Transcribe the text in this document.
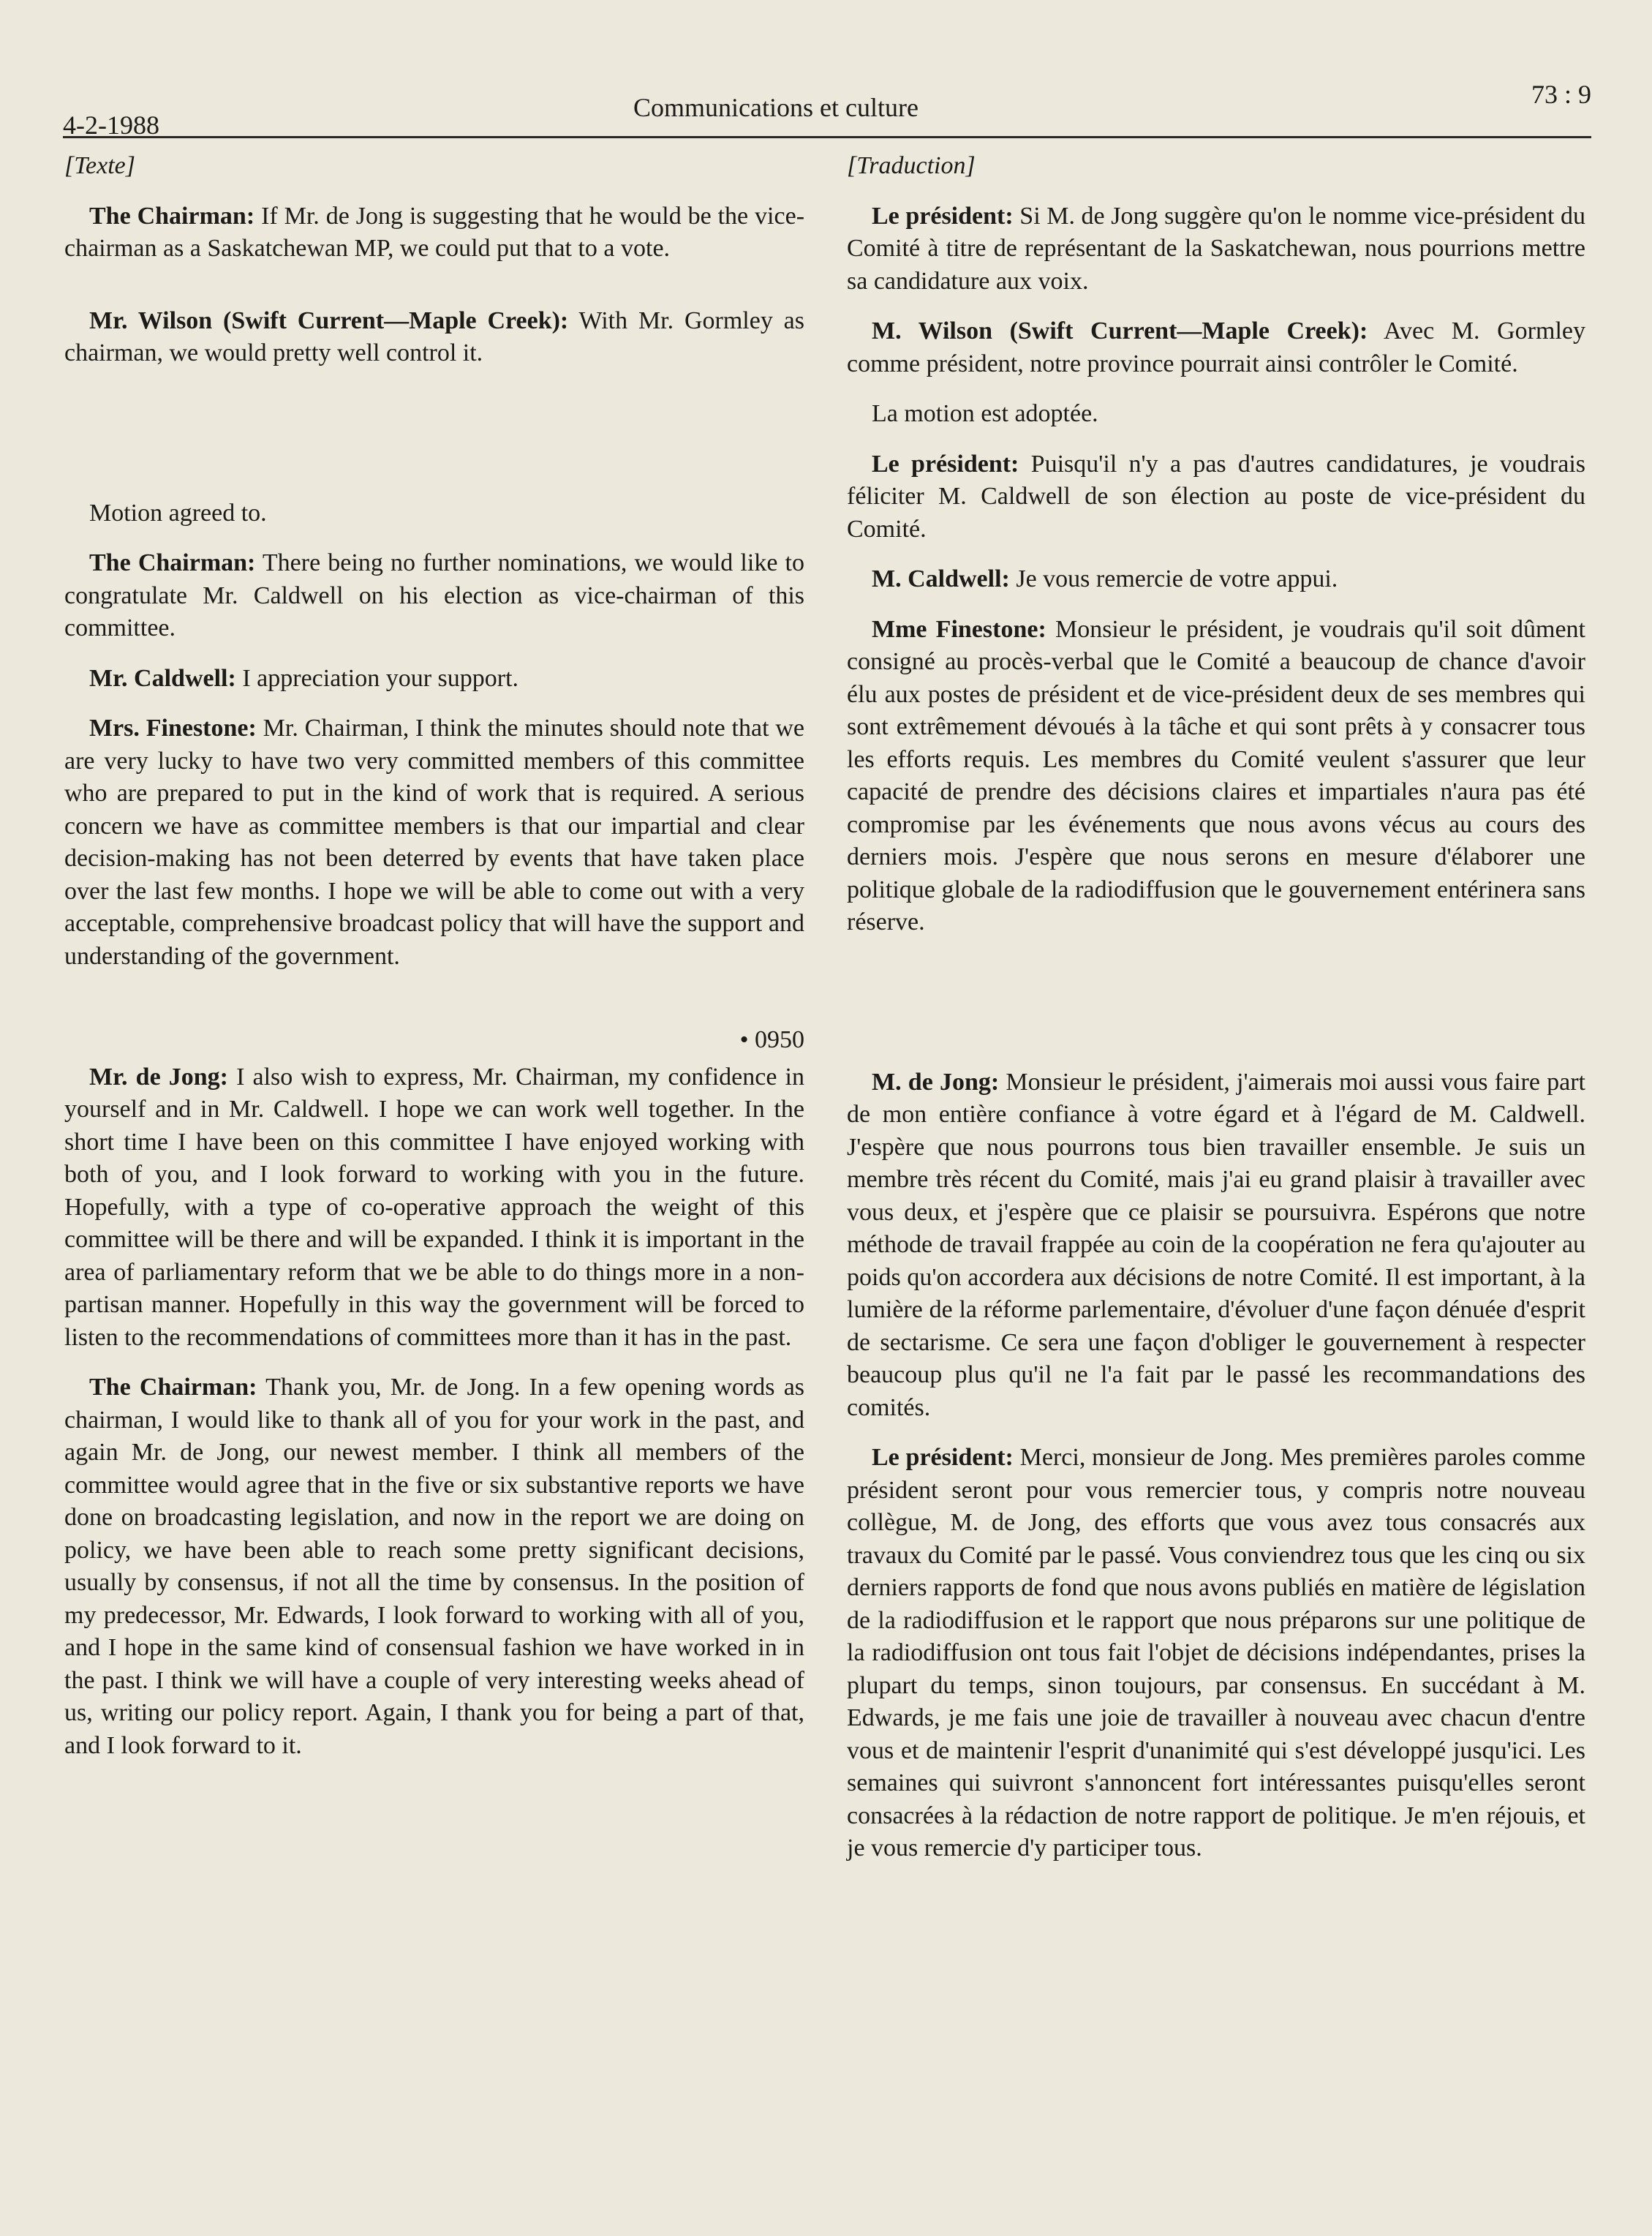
4-2-1988
Communications et culture	73 : 9

[Texte]

The Chairman: If Mr. de Jong is suggesting that he would be the vice-chairman as a Saskatchewan MP, we could put that to a vote.

Mr. Wilson (Swift Current—Maple Creek): With Mr. Gormley as chairman, we would pretty well control it.

Motion agreed to.

The Chairman: There being no further nominations, we would like to congratulate Mr. Caldwell on his election as vice-chairman of this committee.

Mr. Caldwell: I appreciation your support.

Mrs. Finestone: Mr. Chairman, I think the minutes should note that we are very lucky to have two very committed members of this committee who are prepared to put in the kind of work that is required. A serious concern we have as committee members is that our impartial and clear decision-making has not been deterred by events that have taken place over the last few months. I hope we will be able to come out with a very acceptable, comprehensive broadcast policy that will have the support and understanding of the government.

• 0950

Mr. de Jong: I also wish to express, Mr. Chairman, my confidence in yourself and in Mr. Caldwell. I hope we can work well together. In the short time I have been on this committee I have enjoyed working with both of you, and I look forward to working with you in the future. Hopefully, with a type of co-operative approach the weight of this committee will be there and will be expanded. I think it is important in the area of parliamentary reform that we be able to do things more in a non-partisan manner. Hopefully in this way the government will be forced to listen to the recommendations of committees more than it has in the past.

The Chairman: Thank you, Mr. de Jong. In a few opening words as chairman, I would like to thank all of you for your work in the past, and again Mr. de Jong, our newest member. I think all members of the committee would agree that in the five or six substantive reports we have done on broadcasting legislation, and now in the report we are doing on policy, we have been able to reach some pretty significant decisions, usually by consensus, if not all the time by consensus. In the position of my predecessor, Mr. Edwards, I look forward to working with all of you, and I hope in the same kind of consensual fashion we have worked in in the past. I think we will have a couple of very interesting weeks ahead of us, writing our policy report. Again, I thank you for being a part of that, and I look forward to it.

[Traduction]

Le président: Si M. de Jong suggère qu'on le nomme vice-président du Comité à titre de représentant de la Saskatchewan, nous pourrions mettre sa candidature aux voix.

M. Wilson (Swift Current—Maple Creek): Avec M. Gormley comme président, notre province pourrait ainsi contrôler le Comité.

La motion est adoptée.

Le président: Puisqu'il n'y a pas d'autres candidatures, je voudrais féliciter M. Caldwell de son élection au poste de vice-président du Comité.

M. Caldwell: Je vous remercie de votre appui.

Mme Finestone: Monsieur le président, je voudrais qu'il soit dûment consigné au procès-verbal que le Comité a beaucoup de chance d'avoir élu aux postes de président et de vice-président deux de ses membres qui sont extrêmement dévoués à la tâche et qui sont prêts à y consacrer tous les efforts requis. Les membres du Comité veulent s'assurer que leur capacité de prendre des décisions claires et impartiales n'aura pas été compromise par les événements que nous avons vécus au cours des derniers mois. J'espère que nous serons en mesure d'élaborer une politique globale de la radiodiffusion que le gouvernement entérinera sans réserve.

M. de Jong: Monsieur le président, j'aimerais moi aussi vous faire part de mon entière confiance à votre égard et à l'égard de M. Caldwell. J'espère que nous pourrons tous bien travailler ensemble. Je suis un membre très récent du Comité, mais j'ai eu grand plaisir à travailler avec vous deux, et j'espère que ce plaisir se poursuivra. Espérons que notre méthode de travail frappée au coin de la coopération ne fera qu'ajouter au poids qu'on accordera aux décisions de notre Comité. Il est important, à la lumière de la réforme parlementaire, d'évoluer d'une façon dénuée d'esprit de sectarisme. Ce sera une façon d'obliger le gouvernement à respecter beaucoup plus qu'il ne l'a fait par le passé les recommandations des comités.

Le président: Merci, monsieur de Jong. Mes premières paroles comme président seront pour vous remercier tous, y compris notre nouveau collègue, M. de Jong, des efforts que vous avez tous consacrés aux travaux du Comité par le passé. Vous conviendrez tous que les cinq ou six derniers rapports de fond que nous avons publiés en matière de législation de la radiodiffusion et le rapport que nous préparons sur une politique de la radiodiffusion ont tous fait l'objet de décisions indépendantes, prises la plupart du temps, sinon toujours, par consensus. En succédant à M. Edwards, je me fais une joie de travailler à nouveau avec chacun d'entre vous et de maintenir l'esprit d'unanimité qui s'est développé jusqu'ici. Les semaines qui suivront s'annoncent fort intéressantes puisqu'elles seront consacrées à la rédaction de notre rapport de politique. Je m'en réjouis, et je vous remercie d'y participer tous.
